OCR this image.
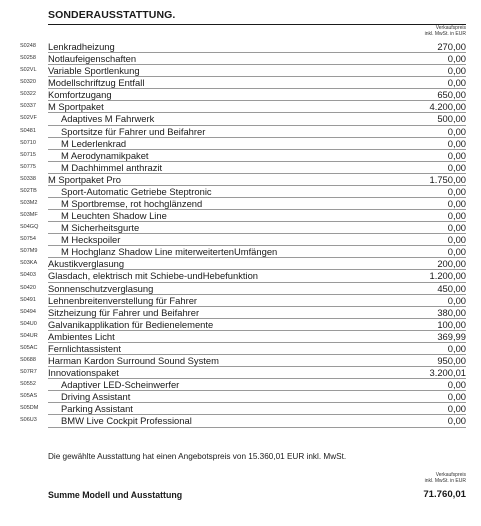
SONDERAUSSTATTUNG.
Verkaufspreis
inkl. MwSt. in EUR
S0248 Lenkradheizung	270,00
S0258 Notlaufeigenschaften	0,00
S02VL Variable Sportlenkung	0,00
S0320 Modellschriftzug Entfall	0,00
S0322 Komfortzugang	650,00
S0337 M Sportpaket	4.200,00
S02VF	Adaptives M Fahrwerk	500,00
S0481	Sportsitze für Fahrer und Beifahrer	0,00
S0710	M Lederlenkrad	0,00
S0715	M Aerodynamikpaket	0,00
S0775	M Dachhimmel anthrazit	0,00
S0338 M Sportpaket Pro	1.750,00
S02TB	Sport-Automatic Getriebe Steptronic	0,00
S03M2	M Sportbremse, rot hochglänzend	0,00
S03MF M Leuchten Shadow Line	0,00
S04GQ M Sicherheitsgurte	0,00
S0754	M Heckspoiler	0,00
S07M9	M Hochglanz Shadow Line miterweitertenUmfängen	0,00
S03KA Akustikverglasung	200,00
S0403 Glasdach, elektrisch mit Schiebe-undHebefunktion	1.200,00
S0420 Sonnenschutzverglasung	450,00
S0491 Lehnenbreitenverstellung für Fahrer	0,00
S0494 Sitzheizung für Fahrer und Beifahrer	380,00
S04U0 Galvanikapplikation für Bedienelemente	100,00
S04UR Ambientes Licht	369,99
S05AC Fernlichtassistent	0,00
S0688 Harman Kardon Surround Sound System	950,00
S07R7 Innovationspaket	3.200,01
S0552	Adaptiver LED-Scheinwerfer	0,00
S05AS	Driving Assistant	0,00
S05DM Parking Assistant	0,00
S06U3	BMW Live Cockpit Professional	0,00
Die gewählte Ausstattung hat einen Angebotspreis von 15.360,01 EUR inkl. MwSt.
Verkaufspreis
inkl. MwSt. in EUR
Summe Modell und Ausstattung	71.760,01
